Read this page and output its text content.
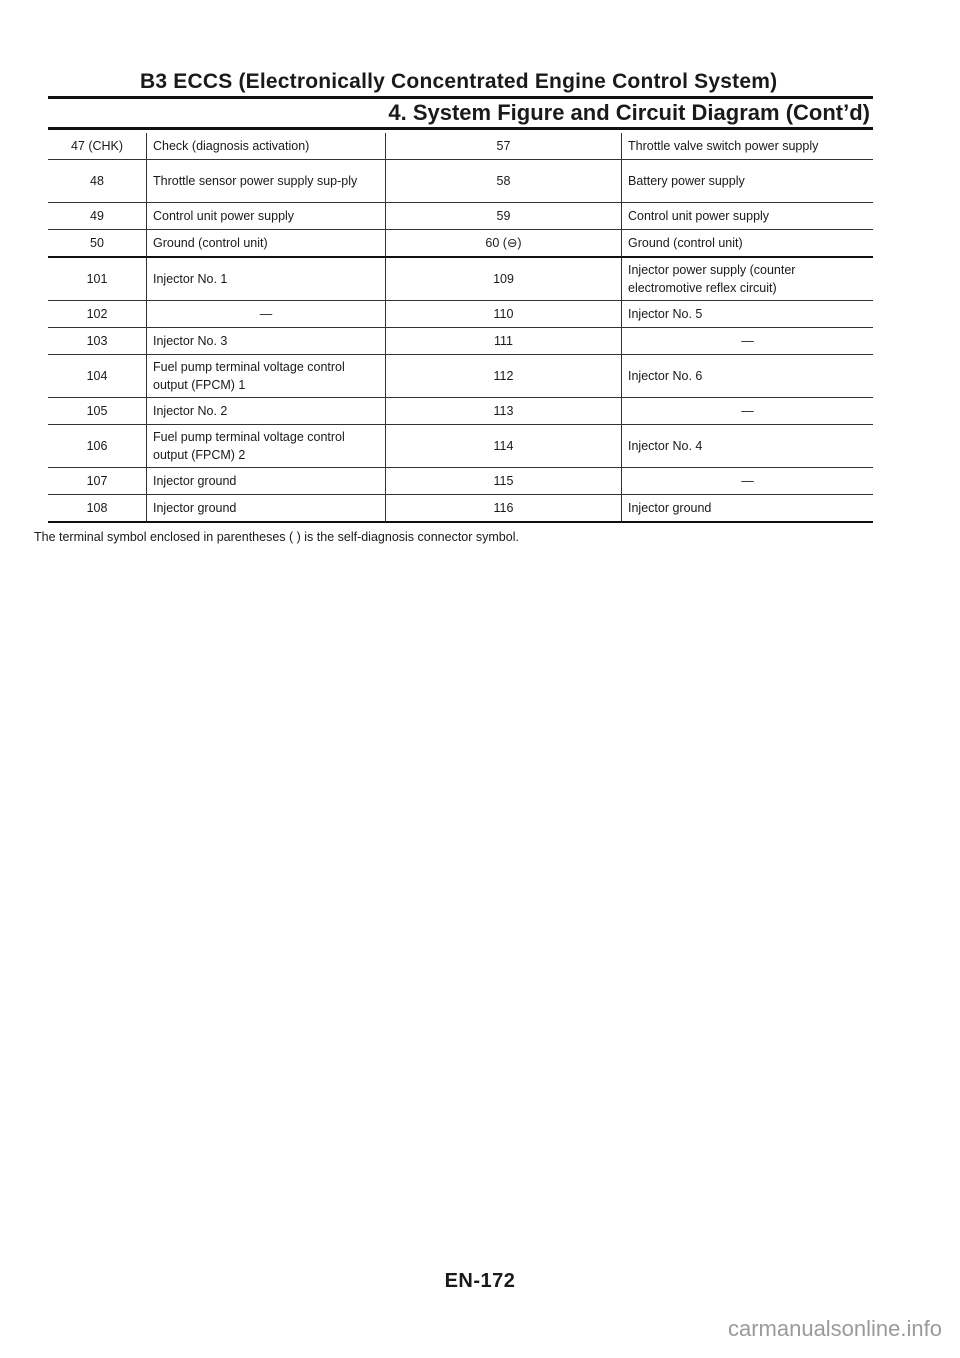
B3 ECCS (Electronically Concentrated Engine Control System)
4. System Figure and Circuit Diagram (Cont’d)
47 (CHK)	Check (diagnosis activation)	57	Throttle valve switch power supply
48	Throttle sensor power supply sup-ply	58	Battery power supply
49	Control unit power supply	59	Control unit power supply
50	Ground (control unit)	60 (⊖)	Ground (control unit)
101	Injector No. 1	109	Injector power supply (counter electromotive reflex circuit)
102	—	110	Injector No. 5
103	Injector No. 3	111	—
104	Fuel pump terminal voltage control output (FPCM) 1	112	Injector No. 6
105	Injector No. 2	113	—
106	Fuel pump terminal voltage control output (FPCM) 2	114	Injector No. 4
107	Injector ground	115	—
108	Injector ground	116	Injector ground
The terminal symbol enclosed in parentheses ( ) is the self-diagnosis connector symbol.
EN-172
carmanualsonline.info
